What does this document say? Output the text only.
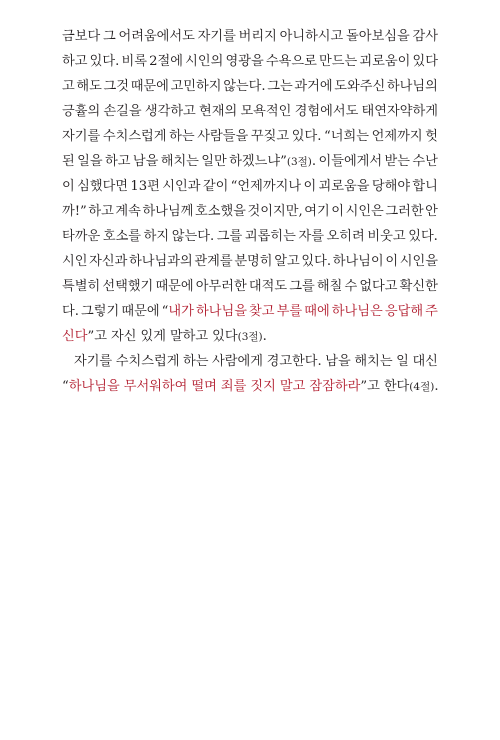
금보다 그 어려움에서도 자기를 버리지 아니하시고 돌아보심을 감사
하고 있다. 비록 2절에 시인의 영광을 수욕으로 만드는 괴로움이 있다
고 해도 그것 때문에 고민하지 않는다. 그는 과거에 도와주신 하나님의
긍휼의 손길을 생각하고 현재의 모욕적인 경험에서도 태연자약하게
자기를 수치스럽게 하는 사람들을 꾸짖고 있다. “너희는 언제까지 헛
된 일을 하고 남을 해치는 일만 하겠느냐”(3절). 이들에게서 받는 수난
이 심했다면 13편 시인과 같이 “언제까지나 이 괴로움을 당해야 합니
까!” 하고 계속 하나님께 호소했을 것이지만, 여기 이 시인은 그러한 안
타까운 호소를 하지 않는다. 그를 괴롭히는 자를 오히려 비웃고 있다.
시인 자신과 하나님과의 관계를 분명히 알고 있다. 하나님이 이 시인을
특별히 선택했기 때문에 아무러한 대적도 그를 해칠 수 없다고 확신한
다. 그렇기 때문에 “내가 하나님을 찾고 부를 때에 하나님은 응답해 주
신다”고 자신 있게 말하고 있다(3절).

자기를 수치스럽게 하는 사람에게 경고한다. 남을 해치는 일 대신
“하나님을 무서워하여 떨며 죄를 짓지 말고 잠잠하라”고 한다(4절).
